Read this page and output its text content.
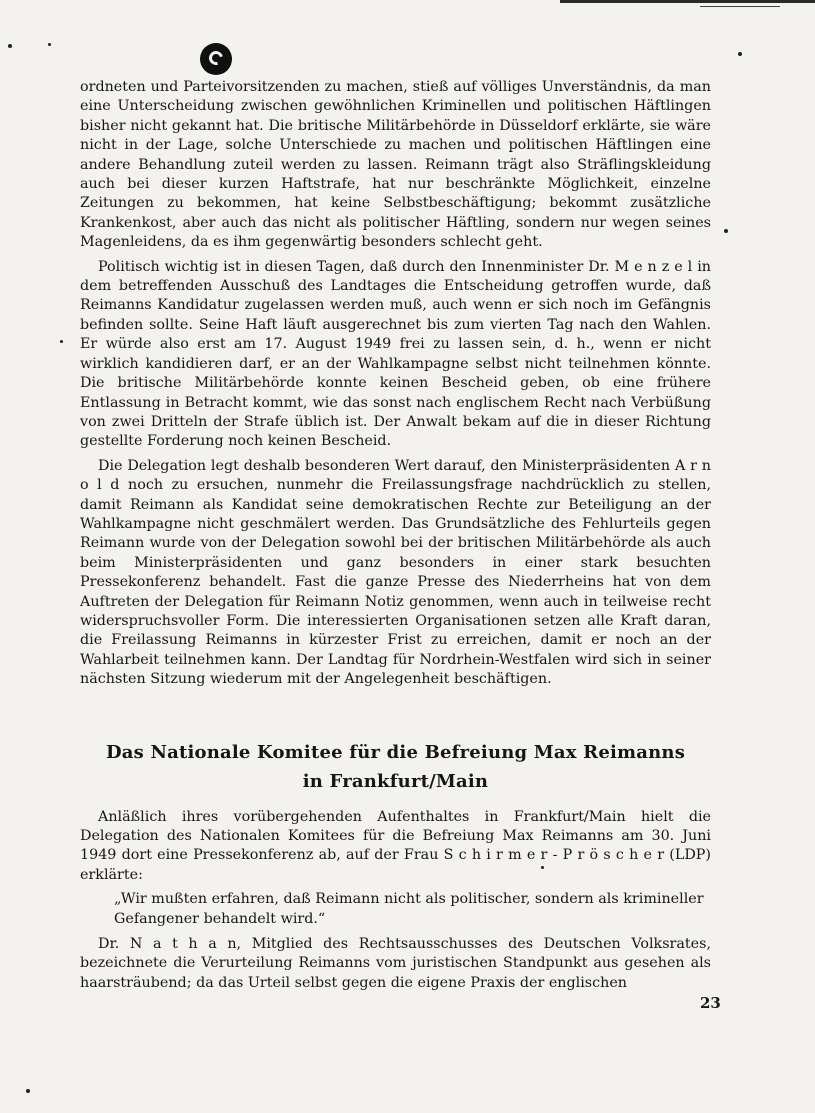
ordneten und Parteivorsitzenden zu machen, stieß auf völliges Unverständnis, da man eine Unterscheidung zwischen gewöhnlichen Kriminellen und politischen Häftlingen bisher nicht gekannt hat. Die britische Militärbehörde in Düsseldorf erklärte, sie wäre nicht in der Lage, solche Unterschiede zu machen und politischen Häftlingen eine andere Behandlung zuteil werden zu lassen. Reimann trägt also Sträflingskleidung auch bei dieser kurzen Haftstrafe, hat nur beschränkte Möglichkeit, einzelne Zeitungen zu bekommen, hat keine Selbstbeschäftigung; bekommt zusätzliche Krankenkost, aber auch das nicht als politischer Häftling, sondern nur wegen seines Magenleidens, da es ihm gegenwärtig besonders schlecht geht.

Politisch wichtig ist in diesen Tagen, daß durch den Innenminister Dr. M e n z e l in dem betreffenden Ausschuß des Landtages die Entscheidung getroffen wurde, daß Reimanns Kandidatur zugelassen werden muß, auch wenn er sich noch im Gefängnis befinden sollte. Seine Haft läuft ausgerechnet bis zum vierten Tag nach den Wahlen. Er würde also erst am 17. August 1949 frei zu lassen sein, d. h., wenn er nicht wirklich kandidieren darf, er an der Wahlkampagne selbst nicht teilnehmen könnte. Die britische Militärbehörde konnte keinen Bescheid geben, ob eine frühere Entlassung in Betracht kommt, wie das sonst nach englischem Recht nach Verbüßung von zwei Dritteln der Strafe üblich ist. Der Anwalt bekam auf die in dieser Richtung gestellte Forderung noch keinen Bescheid.

Die Delegation legt deshalb besonderen Wert darauf, den Ministerpräsidenten A r n o l d noch zu ersuchen, nunmehr die Freilassungsfrage nachdrücklich zu stellen, damit Reimann als Kandidat seine demokratischen Rechte zur Beteiligung an der Wahlkampagne nicht geschmälert werden. Das Grundsätzliche des Fehlurteils gegen Reimann wurde von der Delegation sowohl bei der britischen Militärbehörde als auch beim Ministerpräsidenten und ganz besonders in einer stark besuchten Pressekonferenz behandelt. Fast die ganze Presse des Niederrheins hat von dem Auftreten der Delegation für Reimann Notiz genommen, wenn auch in teilweise recht widerspruchsvoller Form. Die interessierten Organisationen setzen alle Kraft daran, die Freilassung Reimanns in kürzester Frist zu erreichen, damit er noch an der Wahlarbeit teilnehmen kann. Der Landtag für Nordrhein-Westfalen wird sich in seiner nächsten Sitzung wiederum mit der Angelegenheit beschäftigen.

Das Nationale Komitee für die Befreiung Max Reimanns
in Frankfurt/Main

Anläßlich ihres vorübergehenden Aufenthaltes in Frankfurt/Main hielt die Delegation des Nationalen Komitees für die Befreiung Max Reimanns am 30. Juni 1949 dort eine Pressekonferenz ab, auf der Frau S c h i r m e r - P r ö s c h e r (LDP) erklärte:

„Wir mußten erfahren, daß Reimann nicht als politischer, sondern als krimineller Gefangener behandelt wird.“

Dr. N a t h a n, Mitglied des Rechtsausschusses des Deutschen Volksrates, bezeichnete die Verurteilung Reimanns vom juristischen Standpunkt aus gesehen als haarsträubend; da das Urteil selbst gegen die eigene Praxis der englischen

23
